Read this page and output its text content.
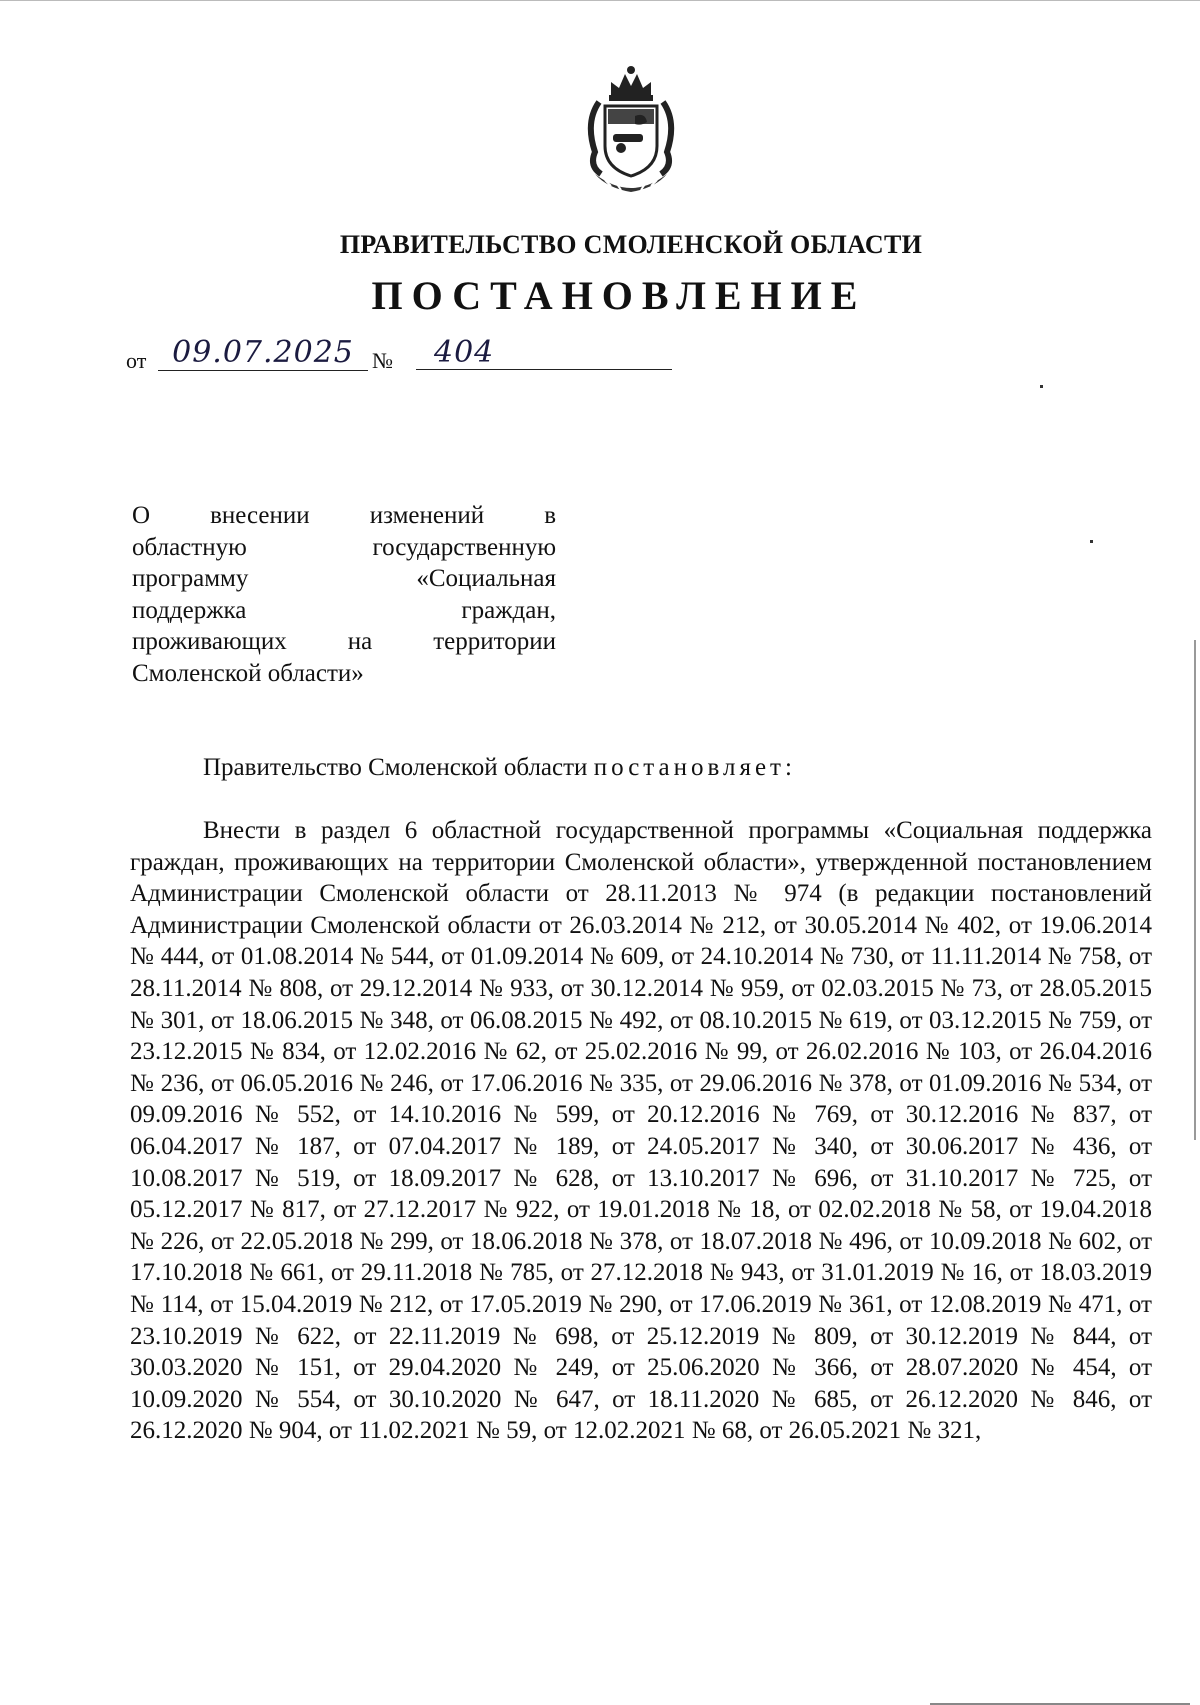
ПРАВИТЕЛЬСТВО СМОЛЕНСКОЙ ОБЛАСТИ
ПОСТАНОВЛЕНИЕ
от 09.07.2025 №	404
О внесении изменений в
областную государственную
программу «Социальная
поддержка граждан,
проживающих на территории
Смоленской области»

Правительство Смоленской области постановляет:

Внести в раздел 6 областной государственной программы «Социальная поддержка граждан, проживающих на территории Смоленской области», утвержденной постановлением Администрации Смоленской области от 28.11.2013 № 974 (в редакции постановлений Администрации Смоленской области от 26.03.2014 № 212, от 30.05.2014 № 402, от 19.06.2014 № 444, от 01.08.2014 № 544, от 01.09.2014 № 609, от 24.10.2014 № 730, от 11.11.2014 № 758, от 28.11.2014 № 808, от 29.12.2014 № 933, от 30.12.2014 № 959, от 02.03.2015 № 73, от 28.05.2015 № 301, от 18.06.2015 № 348, от 06.08.2015 № 492, от 08.10.2015 № 619, от 03.12.2015 № 759, от 23.12.2015 № 834, от 12.02.2016 № 62, от 25.02.2016 № 99, от 26.02.2016 № 103, от 26.04.2016 № 236, от 06.05.2016 № 246, от 17.06.2016 № 335, от 29.06.2016 № 378, от 01.09.2016 № 534, от 09.09.2016 № 552, от 14.10.2016 № 599, от 20.12.2016 № 769, от 30.12.2016 № 837, от 06.04.2017 № 187, от 07.04.2017 № 189, от 24.05.2017 № 340, от 30.06.2017 № 436, от 10.08.2017 № 519, от 18.09.2017 № 628, от 13.10.2017 № 696, от 31.10.2017 № 725, от 05.12.2017 № 817, от 27.12.2017 № 922, от 19.01.2018 № 18, от 02.02.2018 № 58, от 19.04.2018 № 226, от 22.05.2018 № 299, от 18.06.2018 № 378, от 18.07.2018 № 496, от 10.09.2018 № 602, от 17.10.2018 № 661, от 29.11.2018 № 785, от 27.12.2018 № 943, от 31.01.2019 № 16, от 18.03.2019 № 114, от 15.04.2019 № 212, от 17.05.2019 № 290, от 17.06.2019 № 361, от 12.08.2019 № 471, от 23.10.2019 № 622, от 22.11.2019 № 698, от 25.12.2019 № 809, от 30.12.2019 № 844, от 30.03.2020 № 151, от 29.04.2020 № 249, от 25.06.2020 № 366, от 28.07.2020 № 454, от 10.09.2020 № 554, от 30.10.2020 № 647, от 18.11.2020 № 685, от 26.12.2020 № 846, от 26.12.2020 № 904, от 11.02.2021 № 59, от 12.02.2021 № 68, от 26.05.2021 № 321,
